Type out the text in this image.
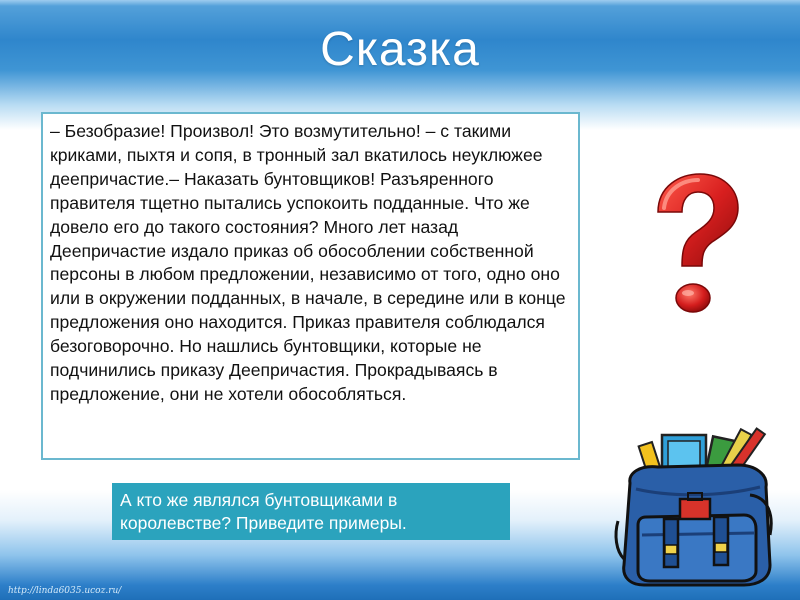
Сказка
– Безобразие! Произвол! Это возмутительно! – с такими криками, пыхтя и сопя, в тронный зал вкатилось неуклюжее деепричастие.– Наказать бунтовщиков! Разъяренного правителя тщетно пытались успокоить подданные. Что же довело его до такого состояния? Много лет назад Деепричастие издало приказ об обособлении собственной персоны в любом предложении, независимо от того, одно оно или в окружении подданных, в начале, в середине или в конце предложения оно находится. Приказ правителя соблюдался безоговорочно. Но нашлись бунтовщики, которые не подчинились приказу Деепричастия. Прокрадываясь в предложение, они не хотели обособляться.
А кто же являлся бунтовщиками в королевстве? Приведите примеры.
http://linda6035.ucoz.ru/
